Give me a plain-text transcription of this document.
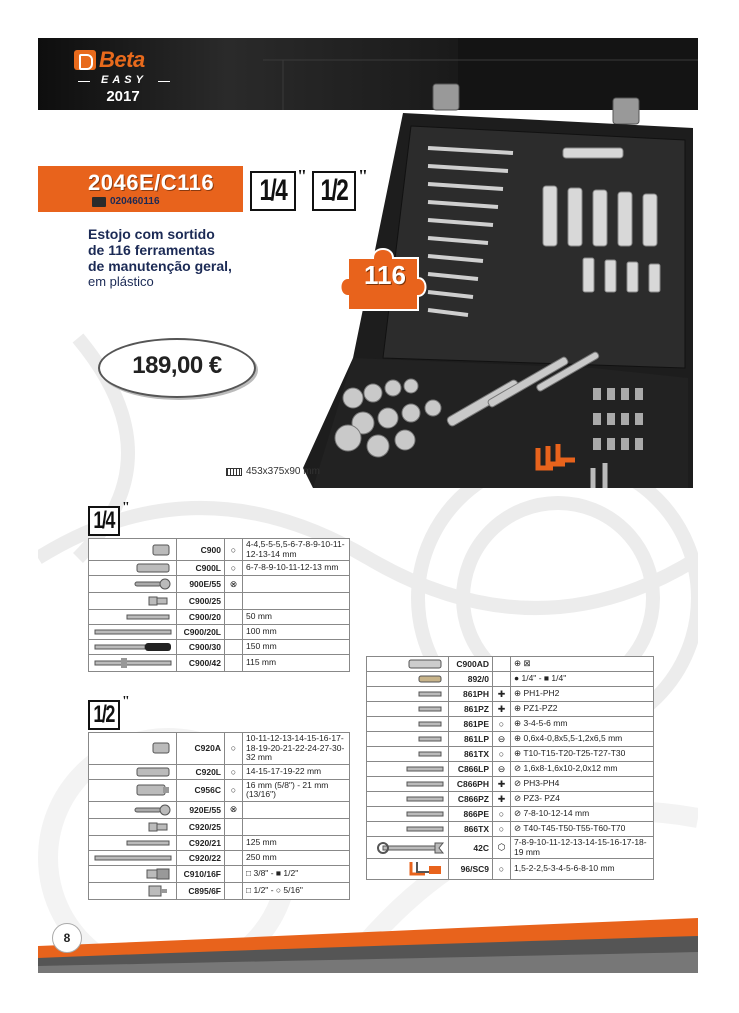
Beta
EASY
2017
2046E/C116
020460116	1/4 " 1/2 "
Estojo com sortido
de 116 ferramentas
de manutenção geral,
em plástico
189,00 €
116
453x375x90 mm
1/4 "
	C900	○	4-4,5-5-5,5-6-7-8-9-10-11-12-13-14 mm

	C900L	○	6-7-8-9-10-11-12-13 mm

	900E/55	⊗	

	C900/25		

	C900/20		50 mm

	C900/20L		100 mm

	C900/30		150 mm

	C900/42		115 mm
1/2 "
	C920A	○	10-11-12-13-14-15-16-17-18-19-20-21-22-24-27-30-32 mm

	C920L	○	14-15-17-19-22 mm

	C956C	○	16 mm (5/8") - 21 mm (13/16")

	920E/55	⊗	

	C920/25		

	C920/21		125 mm

	C920/22		250 mm

	C910/16F		□ 3/8" - ■ 1/2"

	C895/6F		□ 1/2" - ○ 5/16"
	C900AD		⊕ ⊠

	892/0		● 1/4" - ■ 1/4"

	861PH	✚	⊕ PH1-PH2

	861PZ	✚	⊕ PZ1-PZ2

	861PE	○	⊕ 3-4-5-6 mm

	861LP	⊖	⊕ 0,6x4-0,8x5,5-1,2x6,5 mm

	861TX	○	⊕ T10-T15-T20-T25-T27-T30

	C866LP	⊖	⊘ 1,6x8-1,6x10-2,0x12 mm

	C866PH	✚	⊘ PH3-PH4

	C866PZ	✚	⊘ PZ3- PZ4

	866PE	○	⊘ 7-8-10-12-14 mm

	866TX	○	⊘ T40-T45-T50-T55-T60-T70

	42C	⬡	7-8-9-10-11-12-13-14-15-16-17-18-19 mm

	96/SC9	○	1,5-2-2,5-3-4-5-6-8-10 mm
8
